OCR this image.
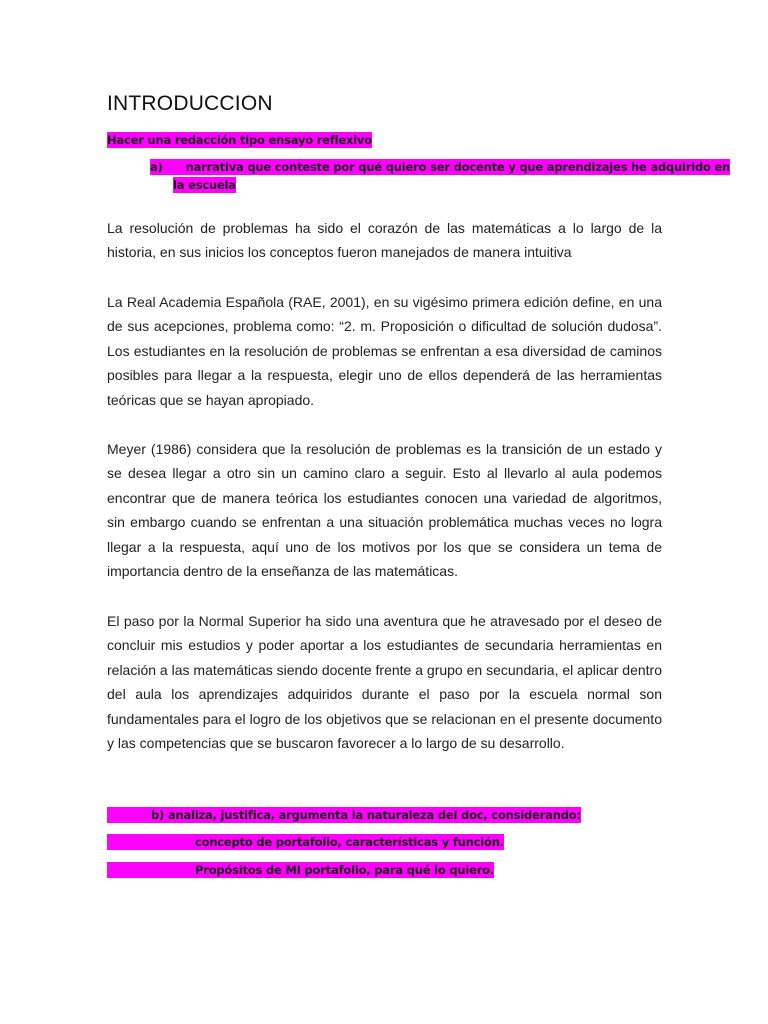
INTRODUCCION
Hacer una redacción tipo ensayo reflexivo
a) narrativa que conteste por qué quiero ser docente y que aprendizajes he adquirido en
la escuela

La resolución de problemas ha sido el corazón de las matemáticas a lo largo de la historia, en sus inicios los conceptos fueron manejados de manera intuitiva

La Real Academia Española (RAE, 2001), en su vigésimo primera edición define, en una de sus acepciones, problema como: “2. m. Proposición o dificultad de solución dudosa”. Los estudiantes en la resolución de problemas se enfrentan a esa diversidad de caminos posibles para llegar a la respuesta, elegir uno de ellos dependerá de las herramientas teóricas que se hayan apropiado.

Meyer (1986) considera que la resolución de problemas es la transición de un estado y se desea llegar a otro sin un camino claro a seguir. Esto al llevarlo al aula podemos encontrar que de manera teórica los estudiantes conocen una variedad de algoritmos, sin embargo cuando se enfrentan a una situación problemática muchas veces no logra llegar a la respuesta, aquí uno de los motivos por los que se considera un tema de importancia dentro de la enseñanza de las matemáticas.

El paso por la Normal Superior ha sido una aventura que he atravesado por el deseo de concluir mis estudios y poder aportar a los estudiantes de secundaria herramientas en relación a las matemáticas siendo docente frente a grupo en secundaria, el aplicar dentro del aula los aprendizajes adquiridos durante el paso por la escuela normal son fundamentales para el logro de los objetivos que se relacionan en el presente documento y las competencias que se buscaron favorecer a lo largo de su desarrollo.

b) analiza, justifica, argumenta la naturaleza del doc, considerando:
concepto de portafolio, características y función.
Propósitos de MI portafolio, para qué lo quiero.
